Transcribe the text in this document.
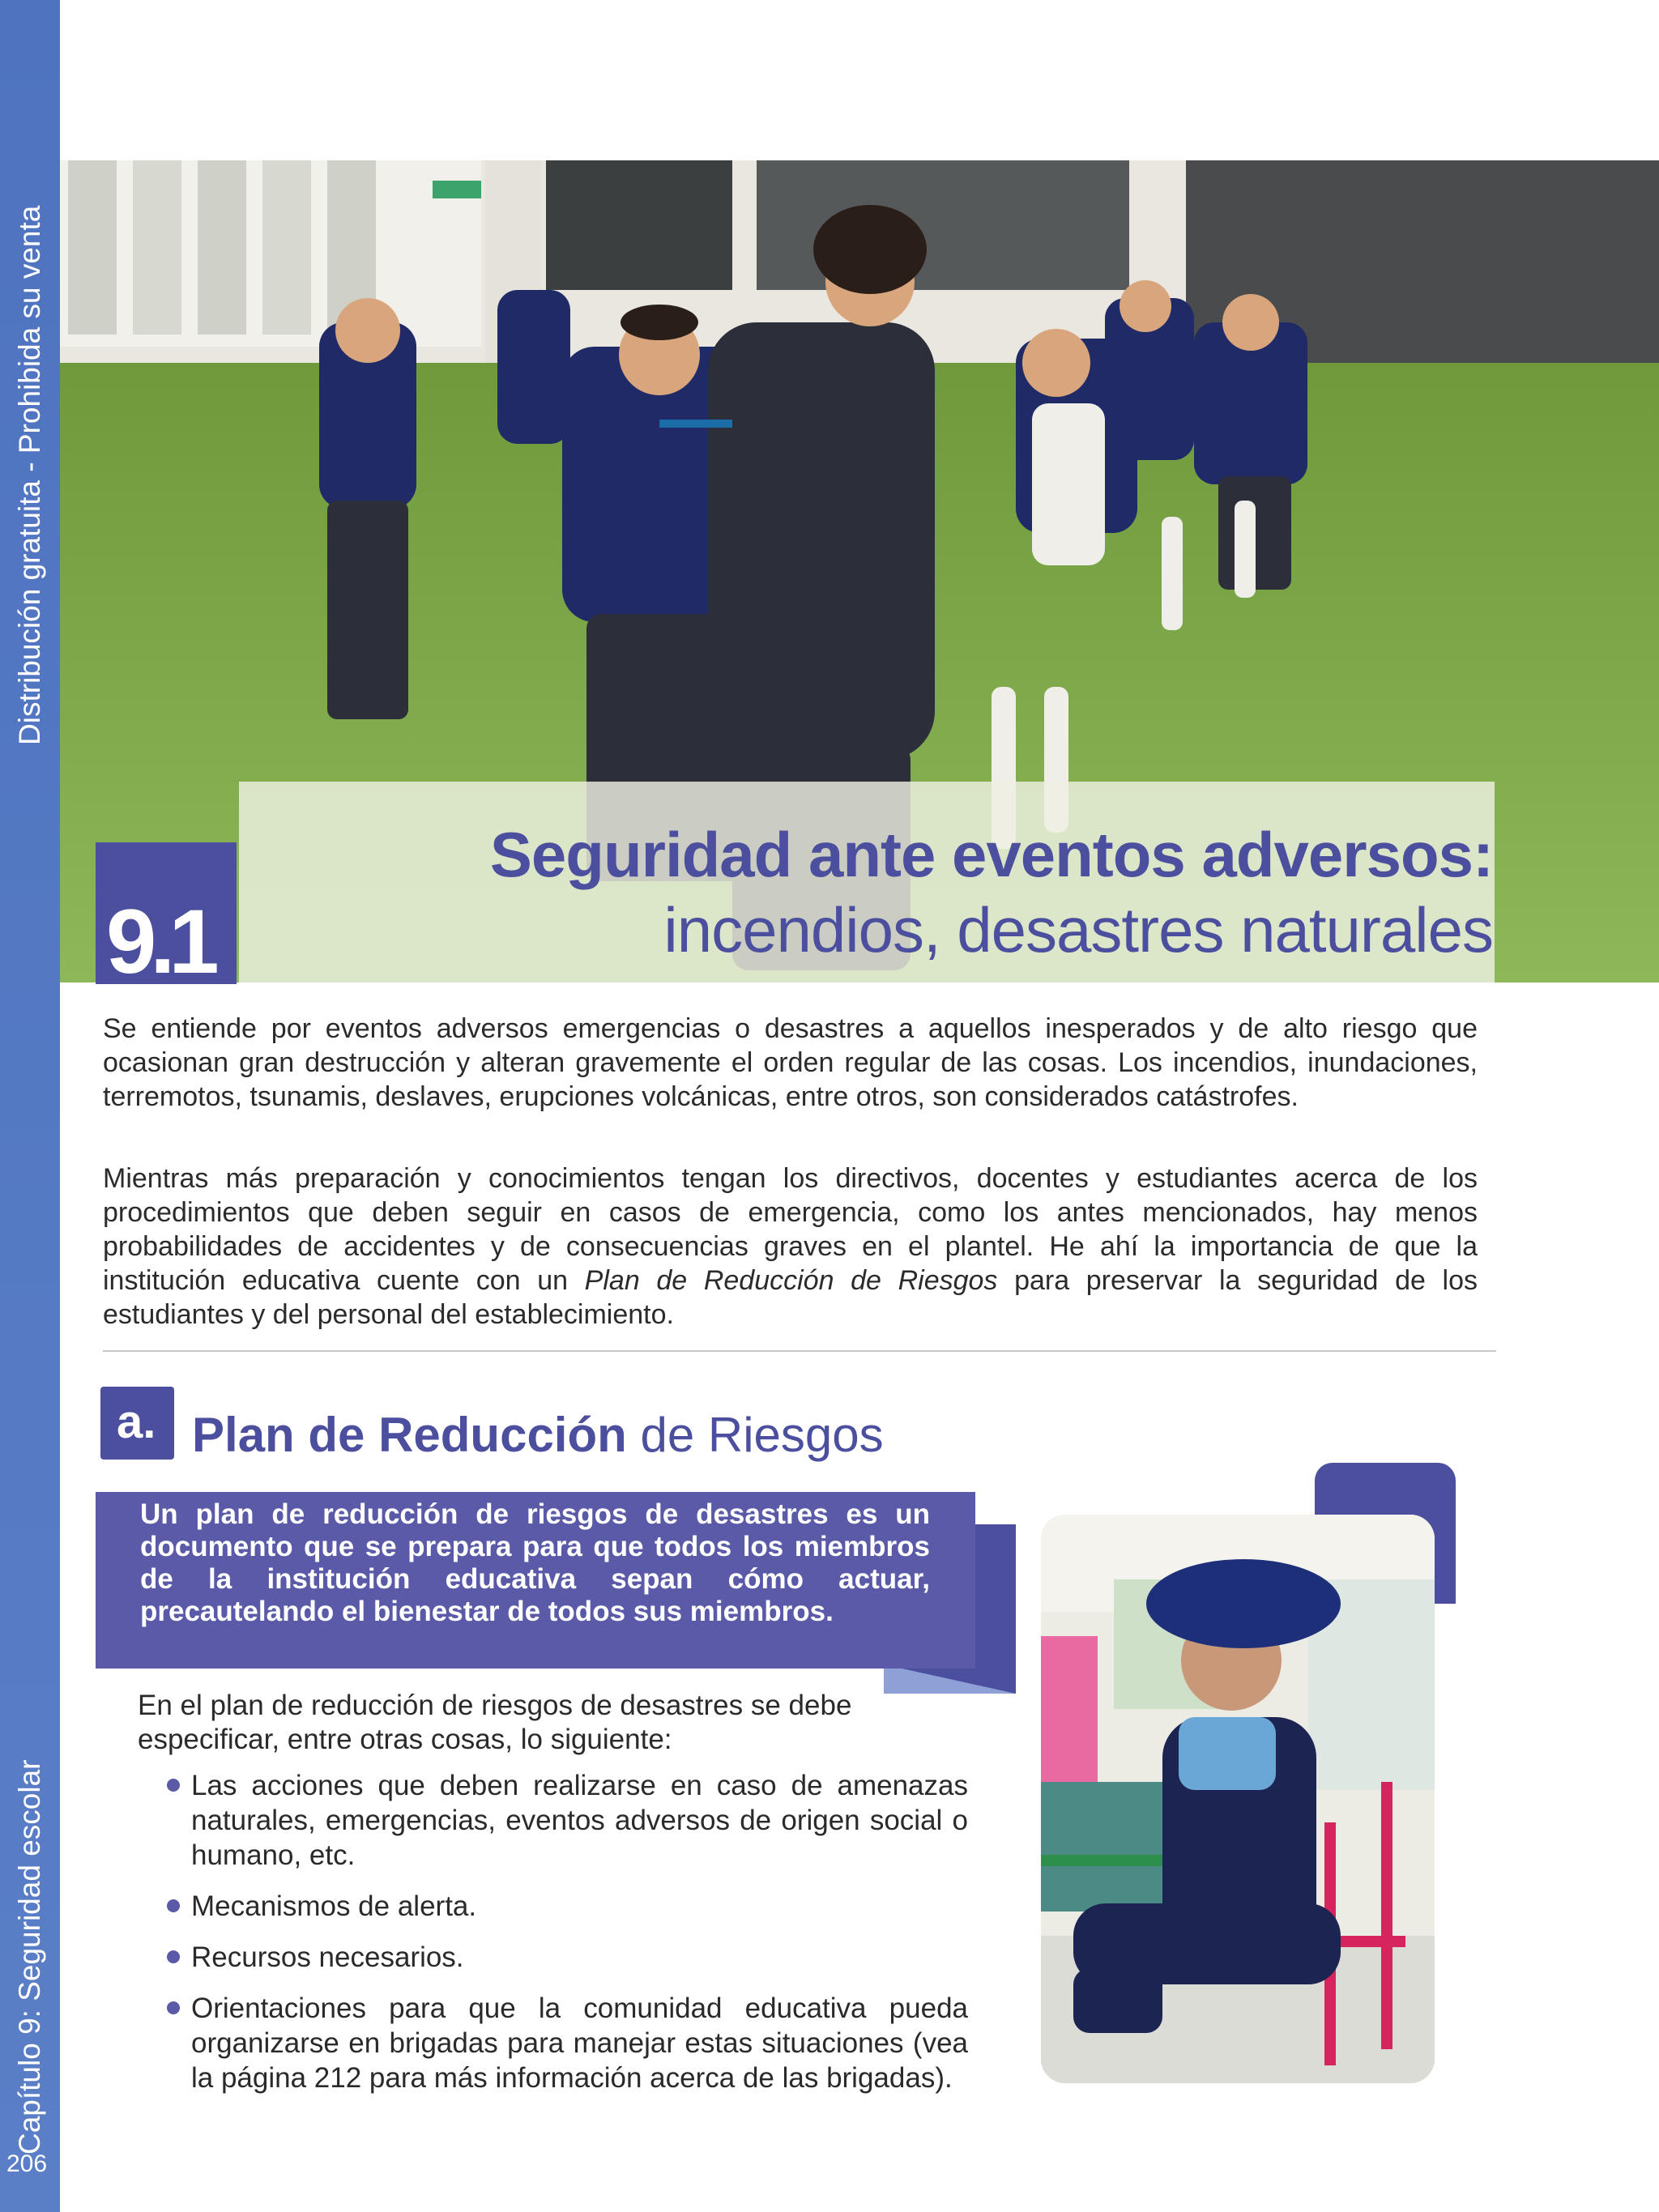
Distribución gratuita - Prohibida su venta
Capítulo 9: Seguridad escolar
206
9.1
Seguridad ante eventos adversos:
incendios, desastres naturales
Se entiende por eventos adversos emergencias o desastres a aquellos inesperados y de alto riesgo que ocasionan gran destrucción y alteran gravemente el orden regular de las cosas. Los incendios, inundaciones, terremotos, tsunamis, deslaves, erupciones volcánicas, entre otros, son considerados catástrofes.
Mientras más preparación y conocimientos tengan los directivos, docentes y estudiantes acerca de los procedimientos que deben seguir en casos de emergencia, como los antes mencionados, hay menos probabilidades de accidentes y de consecuencias graves en el plantel. He ahí la importancia de que la institución educativa cuente con un Plan de Reducción de Riesgos para preservar la seguridad de los estudiantes y del personal del establecimiento.
a. Plan de Reducción de Riesgos
Un plan de reducción de riesgos de desastres es un documento que se prepara para que todos los miembros de la institución educativa sepan cómo actuar, precautelando el bienestar de todos sus miembros.
En el plan de reducción de riesgos de desastres se debe especificar, entre otras cosas, lo siguiente:
Las acciones que deben realizarse en caso de amenazas naturales, emergencias, eventos adversos de origen social o humano, etc.
Mecanismos de alerta.
Recursos necesarios.
Orientaciones para que la comunidad educativa pueda organizarse en brigadas para manejar estas situaciones (vea la página 212 para más información acerca de las brigadas).
